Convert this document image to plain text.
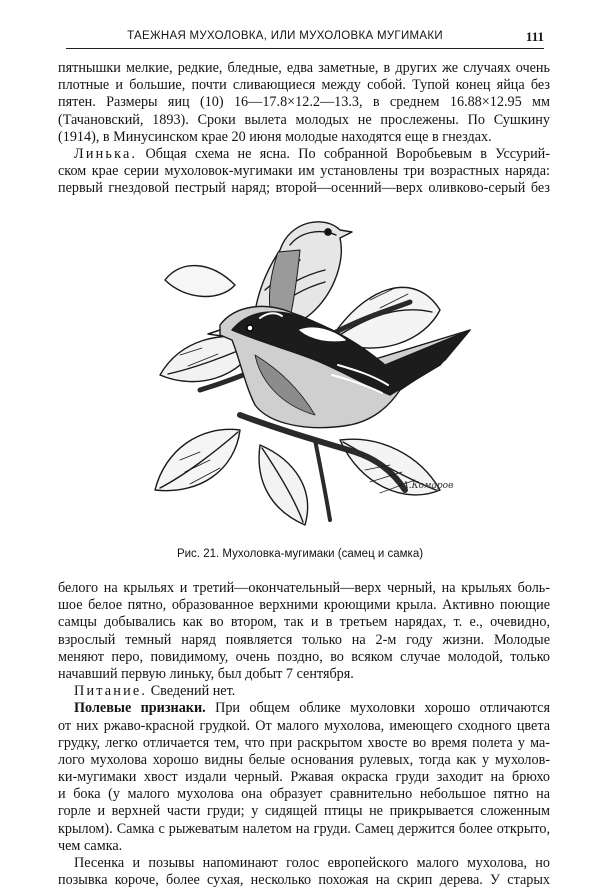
ТАЕЖНАЯ МУХОЛОВКА, ИЛИ МУХОЛОВКА МУГИМАКИ	111
пятнышки мелкие, редкие, бледные, едва заметные, в других же случаях очень
плотные и большие, почти сливающиеся между собой. Тупой конец яйца без
пятен. Размеры яиц (10) 16—17.8×12.2—13.3, в среднем 16.88×12.95 мм
(Тачановский, 1893). Сроки вылета молодых не прослежены. По Сушкину
(1914), в Минусинском крае 20 июня молодые находятся еще в гнездах.
Линька. Общая схема не ясна. По собранной Воробьевым в Уссурий-
ском крае серии мухоловок-мугимаки им установлены три возрастных наряда:
первый гнездовой пестрый наряд; второй—осенний—верх оливково-серый без
А.Комаров
Рис. 21. Мухоловка-мугимаки (самец и самка)
белого на крыльях и третий—окончательный—верх черный, на крыльях боль-
шое белое пятно, образованное верхними кроющими крыла. Активно поющие
самцы добывались как во втором, так и в третьем нарядах, т. е., очевидно,
взрослый темный наряд появляется только на 2-м году жизни. Молодые
меняют перо, повидимому, очень поздно, во всяком случае молодой, только
начавший первую линьку, был добыт 7 сентября.
Питание. Сведений нет.
Полевые признаки. При общем облике мухоловки хорошо отличаются
от них ржаво-красной грудкой. От малого мухолова, имеющего сходного цвета
грудку, легко отличается тем, что при раскрытом хвосте во время полета у ма-
лого мухолова хорошо видны белые основания рулевых, тогда как у мухолов-
ки-мугимаки хвост издали черный. Ржавая окраска груди заходит на брюхо
и бока (у малого мухолова она образует сравнительно небольшое пятно на
горле и верхней части груди; у сидящей птицы не прикрывается сложенным
крылом). Самка с рыжеватым налетом на груди. Самец держится более открыто,
чем самка.
Песенка и позывы напоминают голос европейского малого мухолова, но
позывка короче, более сухая, несколько похожая на скрип дерева. У старых
